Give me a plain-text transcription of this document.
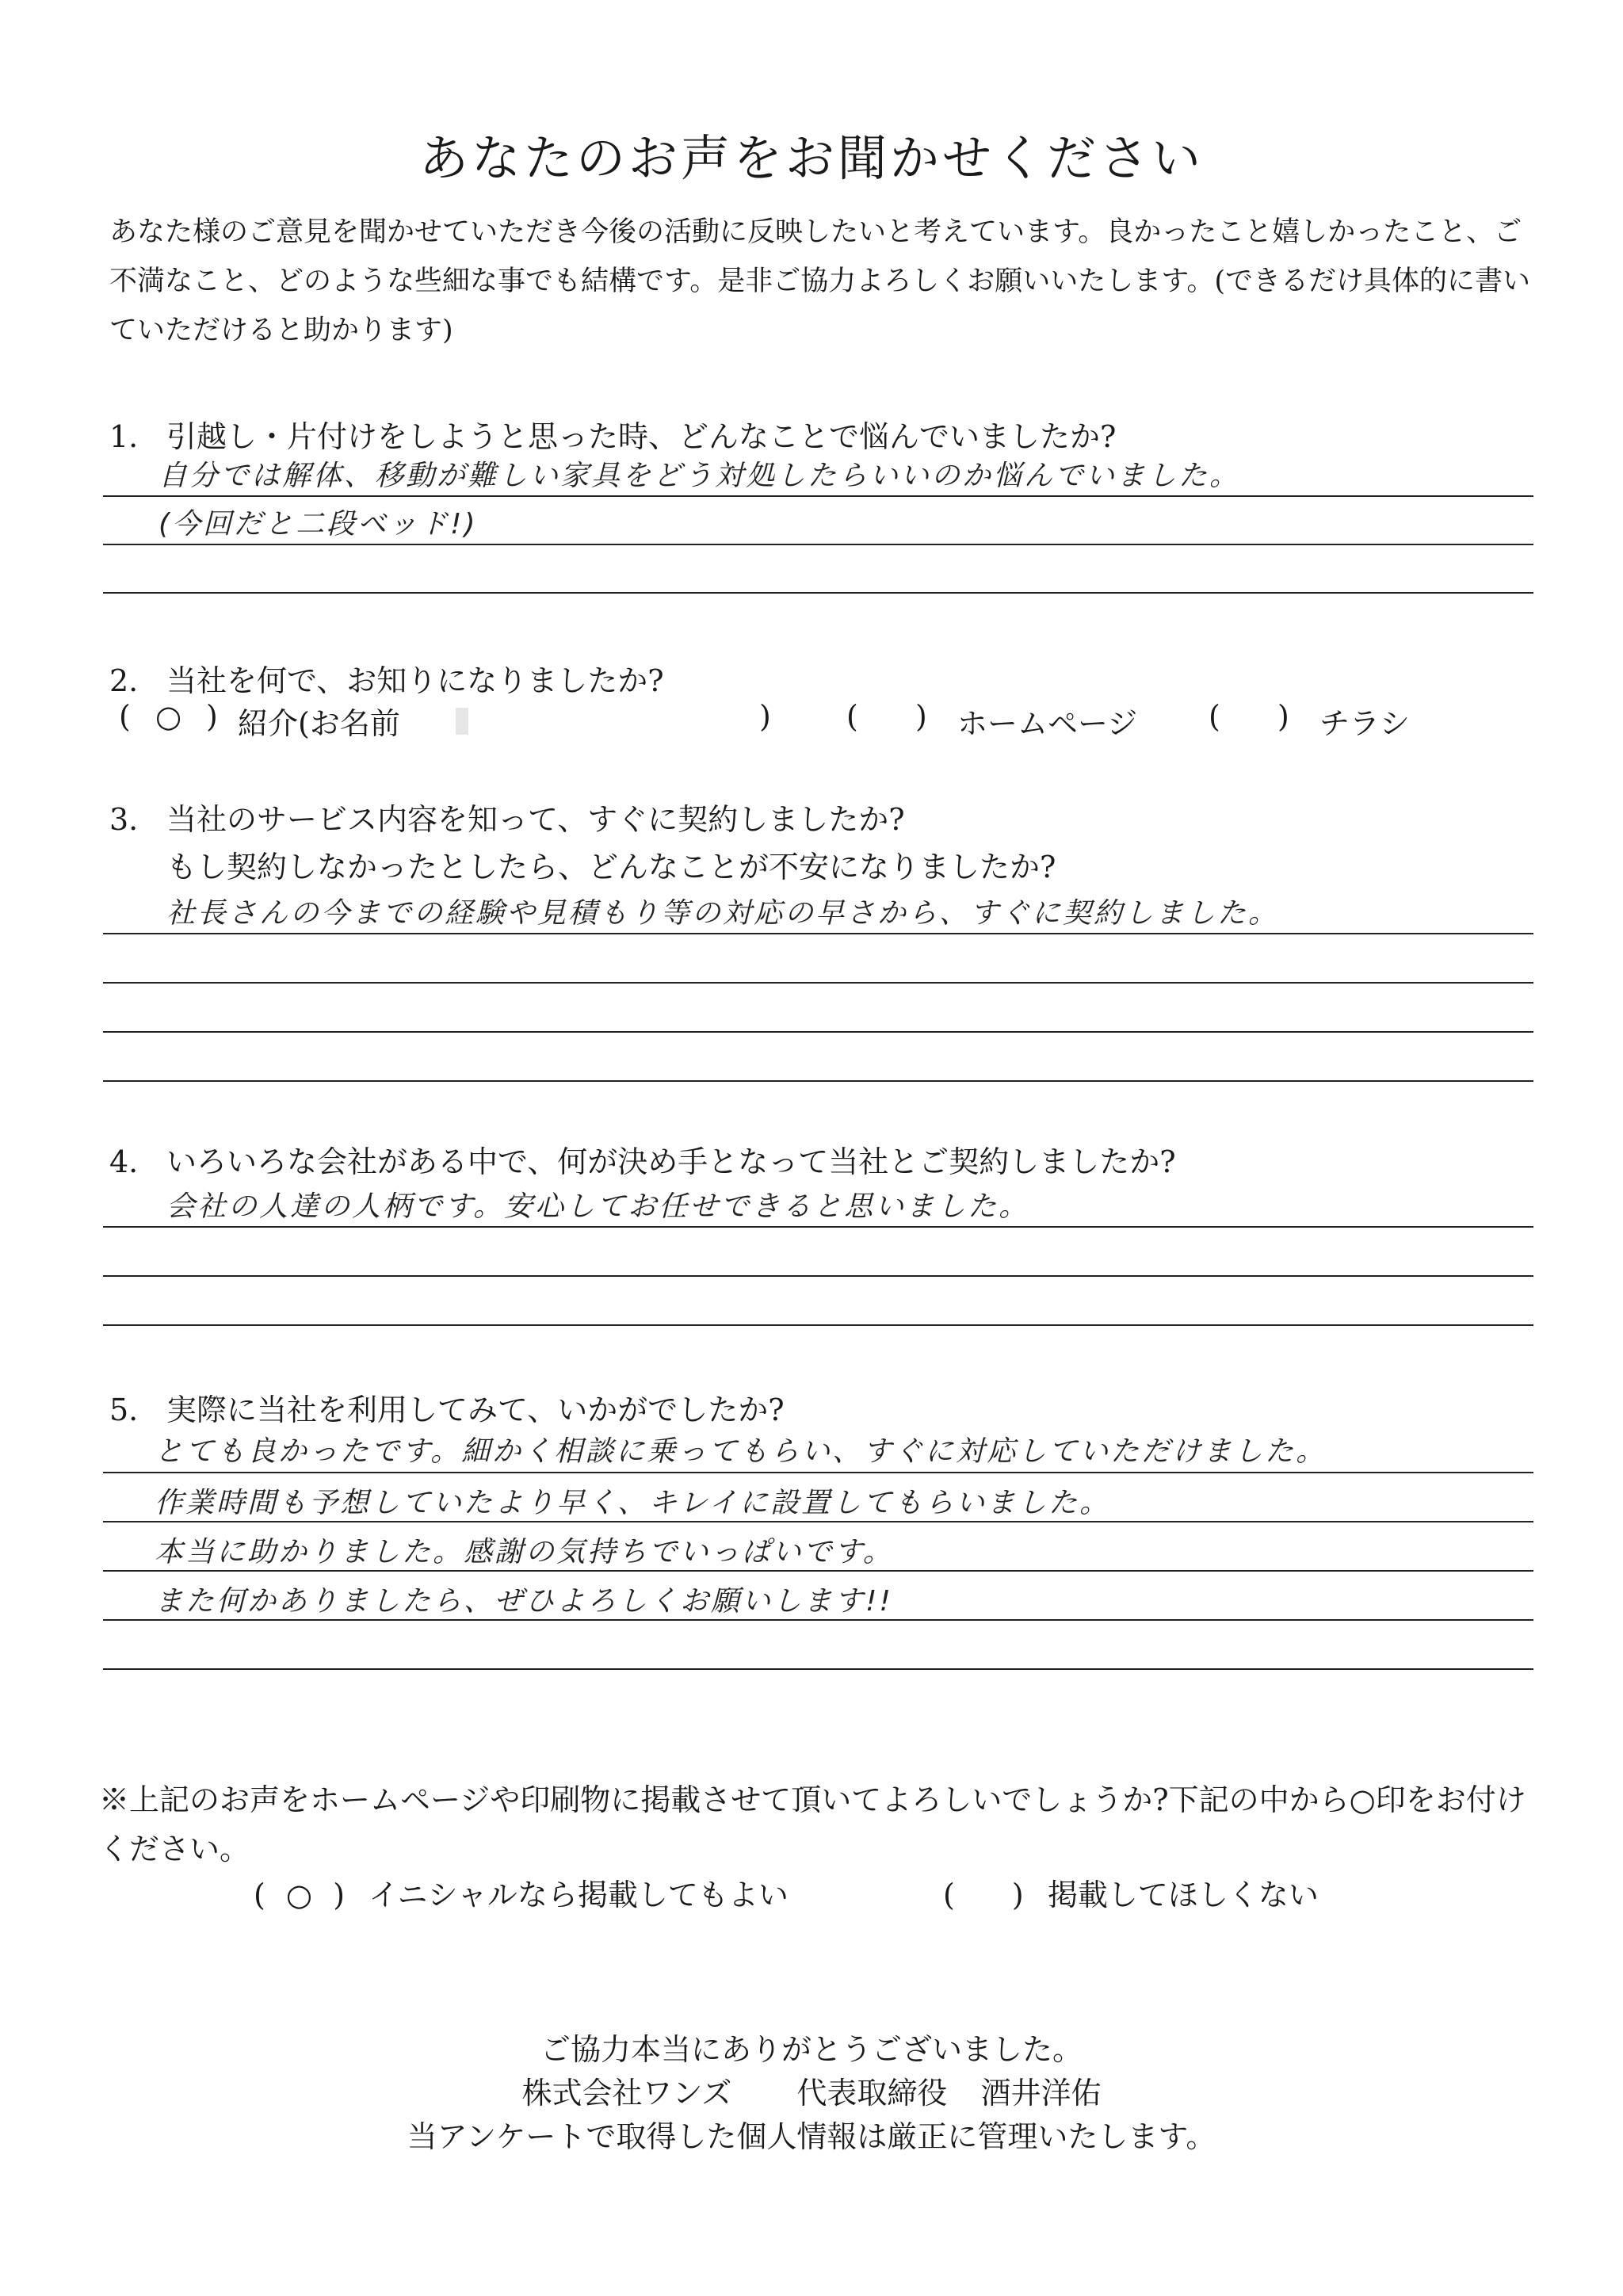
あなたのお声をお聞かせください
あなた様のご意見を聞かせていただき今後の活動に反映したいと考えています。良かったこと嬉しかったこと、ご不満なこと、どのような些細な事でも結構です。是非ご協力よろしくお願いいたします。(できるだけ具体的に書いていただけると助かります)
1. 引越し・片付けをしようと思った時、どんなことで悩んでいましたか?
自分では解体、移動が難しい家具をどう対処したらいいのか悩んでいました。
(今回だと二段ベッド!)
2. 当社を何で、お知りになりましたか?
( ○ ) 紹介(お名前	)	( ) ホームページ ( ) チラシ
3. 当社のサービス内容を知って、すぐに契約しましたか?
もし契約しなかったとしたら、どんなことが不安になりましたか?
社長さんの今までの経験や見積もり等の対応の早さから、すぐに契約しました。
4. いろいろな会社がある中で、何が決め手となって当社とご契約しましたか?
会社の人達の人柄です。安心してお任せできると思いました。
5. 実際に当社を利用してみて、いかがでしたか?
とても良かったです。細かく相談に乗ってもらい、すぐに対応していただけました。
作業時間も予想していたより早く、キレイに設置してもらいました。
本当に助かりました。感謝の気持ちでいっぱいです。
また何かありましたら、ぜひよろしくお願いします!!
※上記のお声をホームページや印刷物に掲載させて頂いてよろしいでしょうか?下記の中から○印をお付けください。
( ○ ) イニシャルなら掲載してもよい	( ) 掲載してほしくない
ご協力本当にありがとうございました。
株式会社ワンズ 代表取締役 酒井洋佑
当アンケートで取得した個人情報は厳正に管理いたします。
